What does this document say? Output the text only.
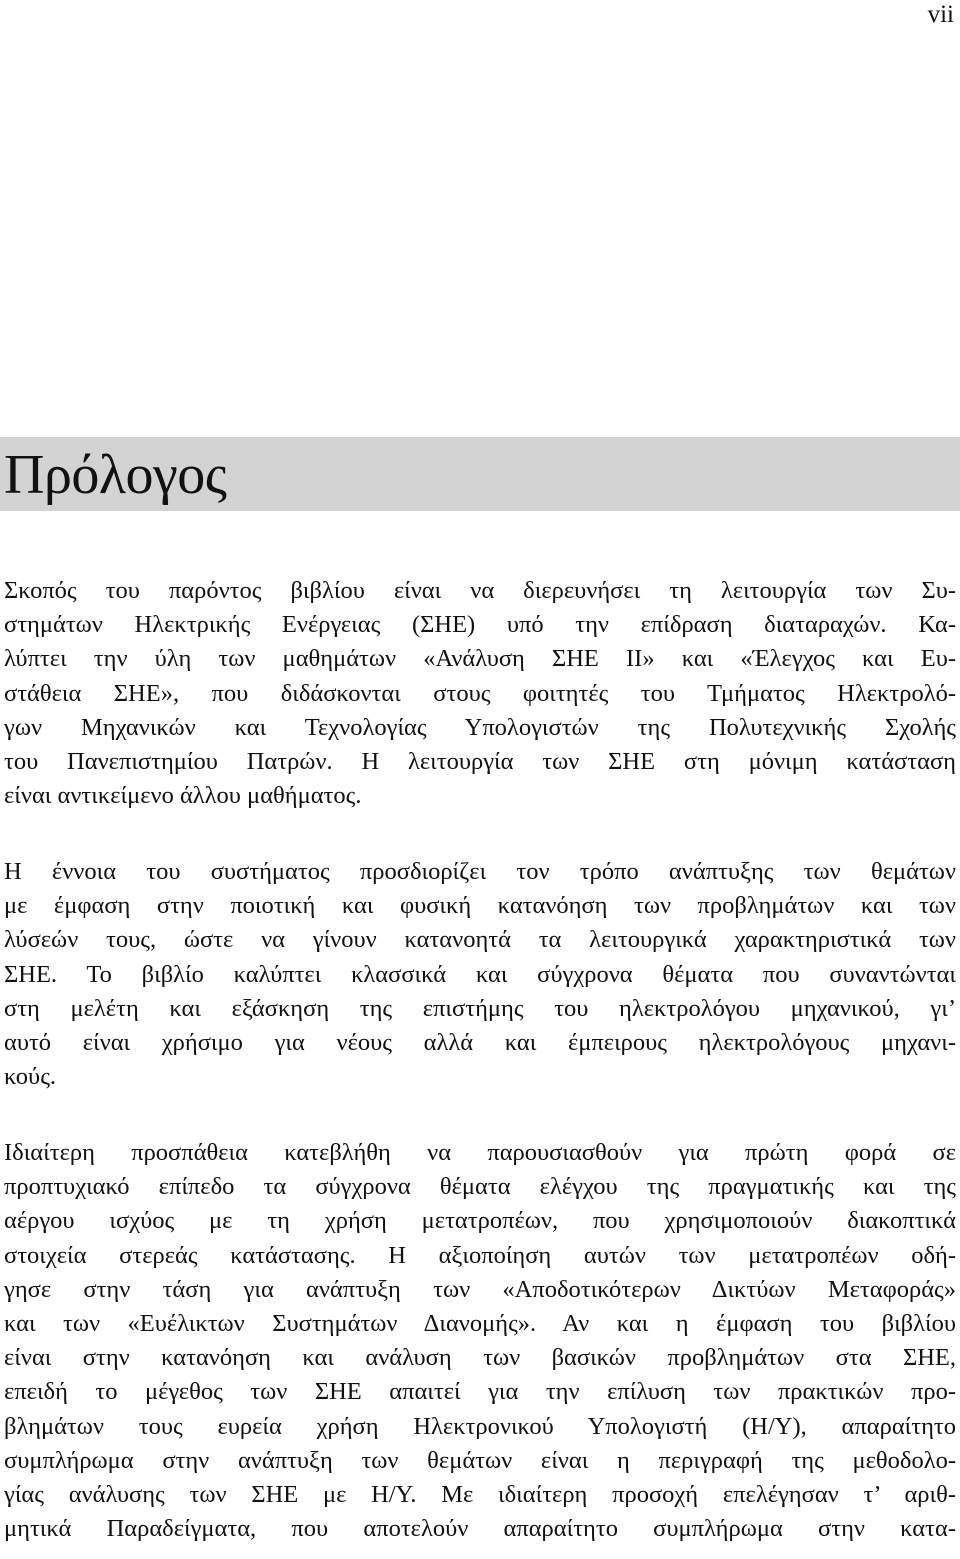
vii
Πρόλογος
Σκοπός του παρόντος βιβλίου είναι να διερευνήσει τη λειτουργία των Συ-
στημάτων Ηλεκτρικής Ενέργειας (ΣΗΕ) υπό την επίδραση διαταραχών. Κα-
λύπτει την ύλη των μαθημάτων «Ανάλυση ΣΗΕ ΙΙ» και «Έλεγχος και Ευ-
στάθεια ΣΗΕ», που διδάσκονται στους φοιτητές του Τμήματος Ηλεκτρολό-
γων Μηχανικών και Τεχνολογίας Υπολογιστών της Πολυτεχνικής Σχολής
του Πανεπιστημίου Πατρών. Η λειτουργία των ΣΗΕ στη μόνιμη κατάσταση
είναι αντικείμενο άλλου μαθήματος.
Η έννοια του συστήματος προσδιορίζει τον τρόπο ανάπτυξης των θεμάτων
με έμφαση στην ποιοτική και φυσική κατανόηση των προβλημάτων και των
λύσεών τους, ώστε να γίνουν κατανοητά τα λειτουργικά χαρακτηριστικά των
ΣΗΕ. Το βιβλίο καλύπτει κλασσικά και σύγχρονα θέματα που συναντώνται
στη μελέτη και εξάσκηση της επιστήμης του ηλεκτρολόγου μηχανικού, γι’
αυτό είναι χρήσιμο για νέους αλλά και έμπειρους ηλεκτρολόγους μηχανι-
κούς.
Ιδιαίτερη προσπάθεια κατεβλήθη να παρουσιασθούν για πρώτη φορά σε
προπτυχιακό επίπεδο τα σύγχρονα θέματα ελέγχου της πραγματικής και της
αέργου ισχύος με τη χρήση μετατροπέων, που χρησιμοποιούν διακοπτικά
στοιχεία στερεάς κατάστασης. Η αξιοποίηση αυτών των μετατροπέων οδή-
γησε στην τάση για ανάπτυξη των «Αποδοτικότερων Δικτύων Μεταφοράς»
και των «Ευέλικτων Συστημάτων Διανομής». Αν και η έμφαση του βιβλίου
είναι στην κατανόηση και ανάλυση των βασικών προβλημάτων στα ΣΗΕ,
επειδή το μέγεθος των ΣΗΕ απαιτεί για την επίλυση των πρακτικών προ-
βλημάτων τους ευρεία χρήση Ηλεκτρονικού Υπολογιστή (Η/Υ), απαραίτητο
συμπλήρωμα στην ανάπτυξη των θεμάτων είναι η περιγραφή της μεθοδολο-
γίας ανάλυσης των ΣΗΕ με Η/Υ. Με ιδιαίτερη προσοχή επελέγησαν τ’ αριθ-
μητικά Παραδείγματα, που αποτελούν απαραίτητο συμπλήρωμα στην κατα-
